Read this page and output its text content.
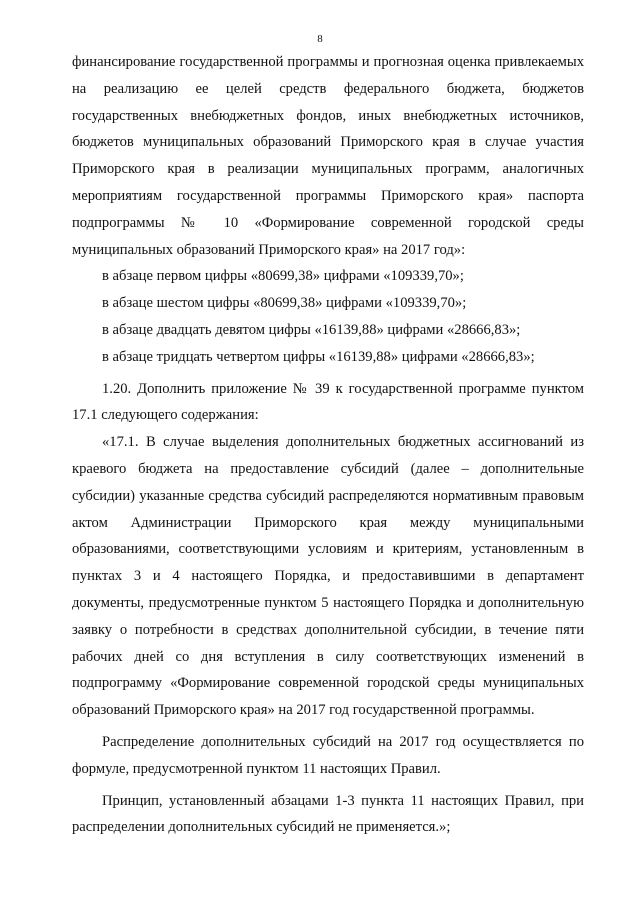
8

финансирование государственной программы и прогнозная оценка привлекаемых на реализацию ее целей средств федерального бюджета, бюджетов государственных внебюджетных фондов, иных внебюджетных источников, бюджетов муниципальных образований Приморского края в случае участия Приморского края в реализации муниципальных программ, аналогичных мероприятиям государственной программы Приморского края» паспорта подпрограммы № 10 «Формирование современной городской среды муниципальных образований Приморского края» на 2017 год»:

в абзаце первом цифры «80699,38» цифрами «109339,70»;

в абзаце шестом цифры «80699,38» цифрами «109339,70»;

в абзаце двадцать девятом цифры «16139,88» цифрами «28666,83»;

в абзаце тридцать четвертом цифры «16139,88» цифрами «28666,83»;

1.20. Дополнить приложение № 39 к государственной программе пунктом 17.1 следующего содержания:

«17.1. В случае выделения дополнительных бюджетных ассигнований из краевого бюджета на предоставление субсидий (далее – дополнительные субсидии) указанные средства субсидий распределяются нормативным правовым актом Администрации Приморского края между муниципальными образованиями, соответствующими условиям и критериям, установленным в пунктах 3 и 4 настоящего Порядка, и предоставившими в департамент документы, предусмотренные пунктом 5 настоящего Порядка и дополнительную заявку о потребности в средствах дополнительной субсидии, в течение пяти рабочих дней со дня вступления в силу соответствующих изменений в подпрограмму «Формирование современной городской среды муниципальных образований Приморского края» на 2017 год государственной программы.

Распределение дополнительных субсидий на 2017 год осуществляется по формуле, предусмотренной пунктом 11 настоящих Правил.

Принцип, установленный абзацами 1-3 пункта 11 настоящих Правил, при распределении дополнительных субсидий не применяется.»;
